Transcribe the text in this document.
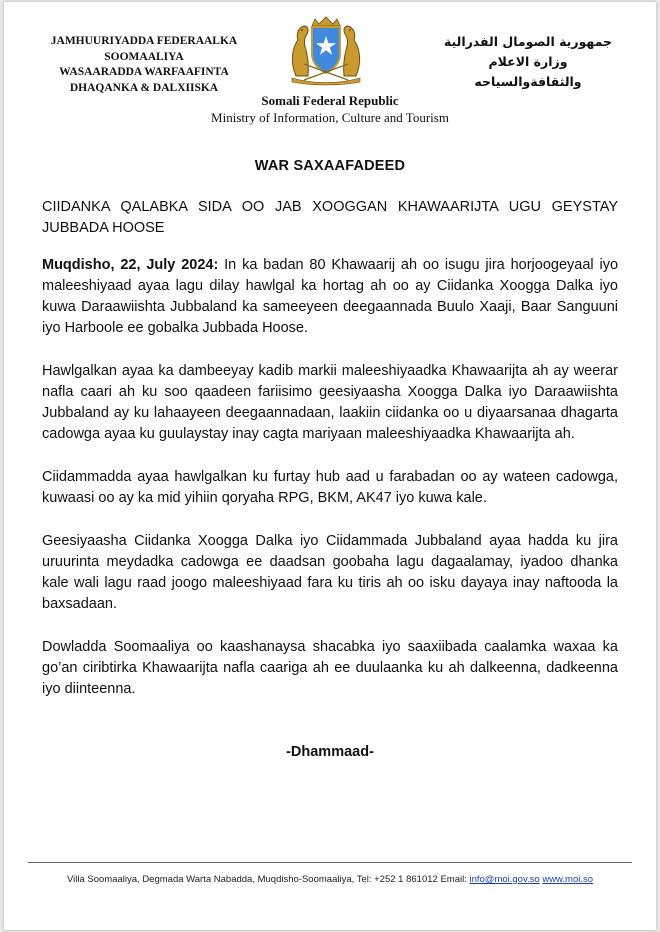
JAMHUURIYADDA FEDERAALKA
SOOMAALIYA
WASAARADDA WARFAAFINTA
DHAQANKA & DALXIISKA
جمهورية الصومال الفدرالية
وزارة الاعلام
والثقافةوالسياحه
Somali Federal Republic
Ministry of Information, Culture and Tourism
WAR SAXAAFADEED
CIIDANKA QALABKA SIDA OO JAB XOOGGAN KHAWAARIJTA UGU GEYSTAY JUBBADA HOOSE

Muqdisho, 22, July 2024: In ka badan 80 Khawaarij ah oo isugu jira horjoogeyaal iyo maleeshiyaad ayaa lagu dilay hawlgal ka hortag ah oo ay Ciidanka Xoogga Dalka iyo kuwa Daraawiishta Jubbaland ka sameeyeen deegaannada Buulo Xaaji, Baar Sanguuni iyo Harboole ee gobalka Jubbada Hoose.

Hawlgalkan ayaa ka dambeeyay kadib markii maleeshiyaadka Khawaarijta ah ay weerar nafla caari ah ku soo qaadeen fariisimo geesiyaasha Xoogga Dalka iyo Daraawiishta Jubbaland ay ku lahaayeen deegaannadaan, laakiin ciidanka oo u diyaarsanaa dhagarta cadowga ayaa ku guulaystay inay cagta mariyaan maleeshiyaadka Khawaarijta ah.

Ciidammadda ayaa hawlgalkan ku furtay hub aad u farabadan oo ay wateen cadowga, kuwaasi oo ay ka mid yihiin qoryaha RPG, BKM, AK47 iyo kuwa kale.

Geesiyaasha Ciidanka Xoogga Dalka iyo Ciidammada Jubbaland ayaa hadda ku jira uruurinta meydadka cadowga ee daadsan goobaha lagu dagaalamay, iyadoo dhanka kale wali lagu raad joogo maleeshiyaad fara ku tiris ah oo isku dayaya inay naftooda la baxsadaan.

Dowladda Soomaaliya oo kaashanaysa shacabka iyo saaxiibada caalamka waxaa ka go’an ciribtirka Khawaarijta nafla caariga ah ee duulaanka ku ah dalkeenna, dadkeenna iyo diinteenna.

-Dhammaad-
Villa Soomaaliya, Degmada Warta Nabadda, Muqdisho-Soomaaliya, Tel: +252 1 861012 Email: info@moi.gov.so www.moi.so
